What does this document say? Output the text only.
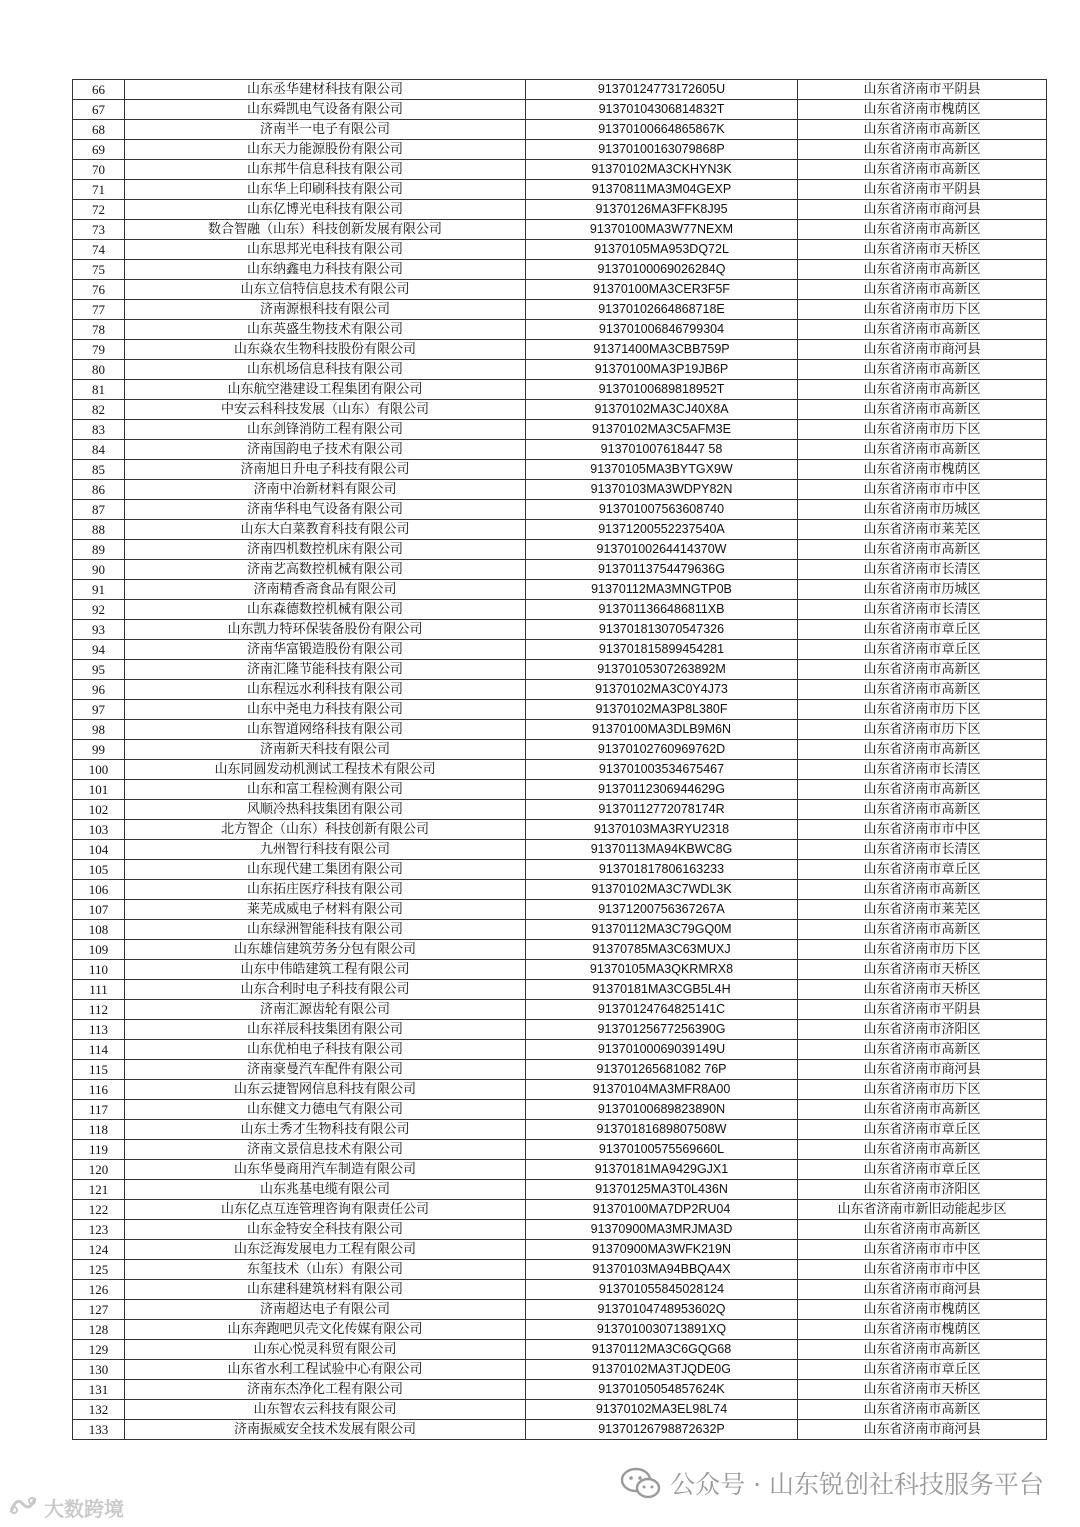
66	山东丞华建材科技有限公司	91370124773172605U	山东省济南市平阴县
67	山东舜凯电气设备有限公司	91370104306814832T	山东省济南市槐荫区
68	济南半一电子有限公司	91370100664865867K	山东省济南市高新区
69	山东天力能源股份有限公司	91370100163079868P	山东省济南市高新区
70	山东邦牛信息科技有限公司	91370102MA3CKHYN3K	山东省济南市高新区
71	山东华上印刷科技有限公司	91370811MA3M04GEXP	山东省济南市平阴县
72	山东亿博光电科技有限公司	91370126MA3FFK8J95	山东省济南市商河县
73	数合智融（山东）科技创新发展有限公司	91370100MA3W77NEXM	山东省济南市高新区
74	山东思邦光电科技有限公司	91370105MA953DQ72L	山东省济南市天桥区
75	山东纳鑫电力科技有限公司	91370100069026284Q	山东省济南市高新区
76	山东立信特信息技术有限公司	91370100MA3CER3F5F	山东省济南市高新区
77	济南源根科技有限公司	91370102664868718E	山东省济南市历下区
78	山东英盛生物技术有限公司	913701006846799304	山东省济南市高新区
79	山东焱农生物科技股份有限公司	91371400MA3CBB759P	山东省济南市商河县
80	山东机场信息科技有限公司	91370100MA3P19JB6P	山东省济南市高新区
81	山东航空港建设工程集团有限公司	91370100689818952T	山东省济南市高新区
82	中安云科科技发展（山东）有限公司	91370102MA3CJ40X8A	山东省济南市高新区
83	山东剑锋消防工程有限公司	91370102MA3C5AFM3E	山东省济南市历下区
84	济南国韵电子技术有限公司	913701007618447 58	山东省济南市高新区
85	济南旭日升电子科技有限公司	91370105MA3BYTGX9W	山东省济南市槐荫区
86	济南中冶新材料有限公司	91370103MA3WDPY82N	山东省济南市市中区
87	济南华科电气设备有限公司	913701007563608740	山东省济南市历城区
88	山东大白菜教育科技有限公司	91371200552237540A	山东省济南市莱芜区
89	济南四机数控机床有限公司	91370100264414370W	山东省济南市高新区
90	济南艺高数控机械有限公司	91370113754479636G	山东省济南市长清区
91	济南精香斋食品有限公司	91370112MA3MNGTP0B	山东省济南市历城区
92	山东森德数控机械有限公司	9137011366486811XB	山东省济南市长清区
93	山东凯力特环保装备股份有限公司	913701813070547326	山东省济南市章丘区
94	济南华富锻造股份有限公司	913701815899454281	山东省济南市章丘区
95	济南汇隆节能科技有限公司	91370105307263892M	山东省济南市高新区
96	山东程远水利科技有限公司	91370102MA3C0Y4J73	山东省济南市高新区
97	山东中尧电力科技有限公司	91370102MA3P8L380F	山东省济南市历下区
98	山东智道网络科技有限公司	91370100MA3DLB9M6N	山东省济南市历下区
99	济南新天科技有限公司	91370102760969762D	山东省济南市高新区
100	山东同圆发动机测试工程技术有限公司	913701003534675467	山东省济南市长清区
101	山东和富工程检测有限公司	91370112306944629G	山东省济南市高新区
102	风顺冷热科技集团有限公司	91370112772078174R	山东省济南市高新区
103	北方智企（山东）科技创新有限公司	91370103MA3RYU2318	山东省济南市市中区
104	九州智行科技有限公司	91370113MA94KBWC8G	山东省济南市长清区
105	山东现代建工集团有限公司	913701817806163233	山东省济南市章丘区
106	山东拓庄医疗科技有限公司	91370102MA3C7WDL3K	山东省济南市高新区
107	莱芜成威电子材料有限公司	91371200756367267A	山东省济南市莱芜区
108	山东绿洲智能科技有限公司	91370112MA3C79GQ0M	山东省济南市高新区
109	山东雄信建筑劳务分包有限公司	91370785MA3C63MUXJ	山东省济南市历下区
110	山东中伟皓建筑工程有限公司	91370105MA3QKRMRX8	山东省济南市天桥区
111	山东合利时电子科技有限公司	91370181MA3CGB5L4H	山东省济南市天桥区
112	济南汇源齿轮有限公司	91370124764825141C	山东省济南市平阴县
113	山东祥辰科技集团有限公司	91370125677256390G	山东省济南市济阳区
114	山东优柏电子科技有限公司	91370100069039149U	山东省济南市高新区
115	济南豪曼汽车配件有限公司	913701265681082 76P	山东省济南市商河县
116	山东云捷智网信息科技有限公司	91370104MA3MFR8A00	山东省济南市历下区
117	山东健文力德电气有限公司	91370100689823890N	山东省济南市高新区
118	山东土秀才生物科技有限公司	91370181689807508W	山东省济南市章丘区
119	济南文景信息技术有限公司	91370100575569660L	山东省济南市高新区
120	山东华曼商用汽车制造有限公司	91370181MA9429GJX1	山东省济南市章丘区
121	山东兆基电缆有限公司	91370125MA3T0L436N	山东省济南市济阳区
122	山东亿点互连管理咨询有限责任公司	91370100MA7DP2RU04	山东省济南市新旧动能起步区
123	山东金特安全科技有限公司	91370900MA3MRJMA3D	山东省济南市高新区
124	山东泛海发展电力工程有限公司	91370900MA3WFK219N	山东省济南市市中区
125	东玺技术（山东）有限公司	91370103MA94BBQA4X	山东省济南市市中区
126	山东建科建筑材料有限公司	913701055845028124	山东省济南市商河县
127	济南超达电子有限公司	91370104748953602Q	山东省济南市槐荫区
128	山东奔跑吧贝壳文化传媒有限公司	9137010030713891XQ	山东省济南市槐荫区
129	山东心悦灵科贸有限公司	91370112MA3C6GQG68	山东省济南市高新区
130	山东省水利工程试验中心有限公司	91370102MA3TJQDE0G	山东省济南市章丘区
131	济南东杰净化工程有限公司	91370105054857624K	山东省济南市天桥区
132	山东智农云科技有限公司	91370102MA3EL98L74	山东省济南市高新区
133	济南振威安全技术发展有限公司	91370126798872632P	山东省济南市商河县
公众号 · 山东锐创社科技服务平台
大数跨境
